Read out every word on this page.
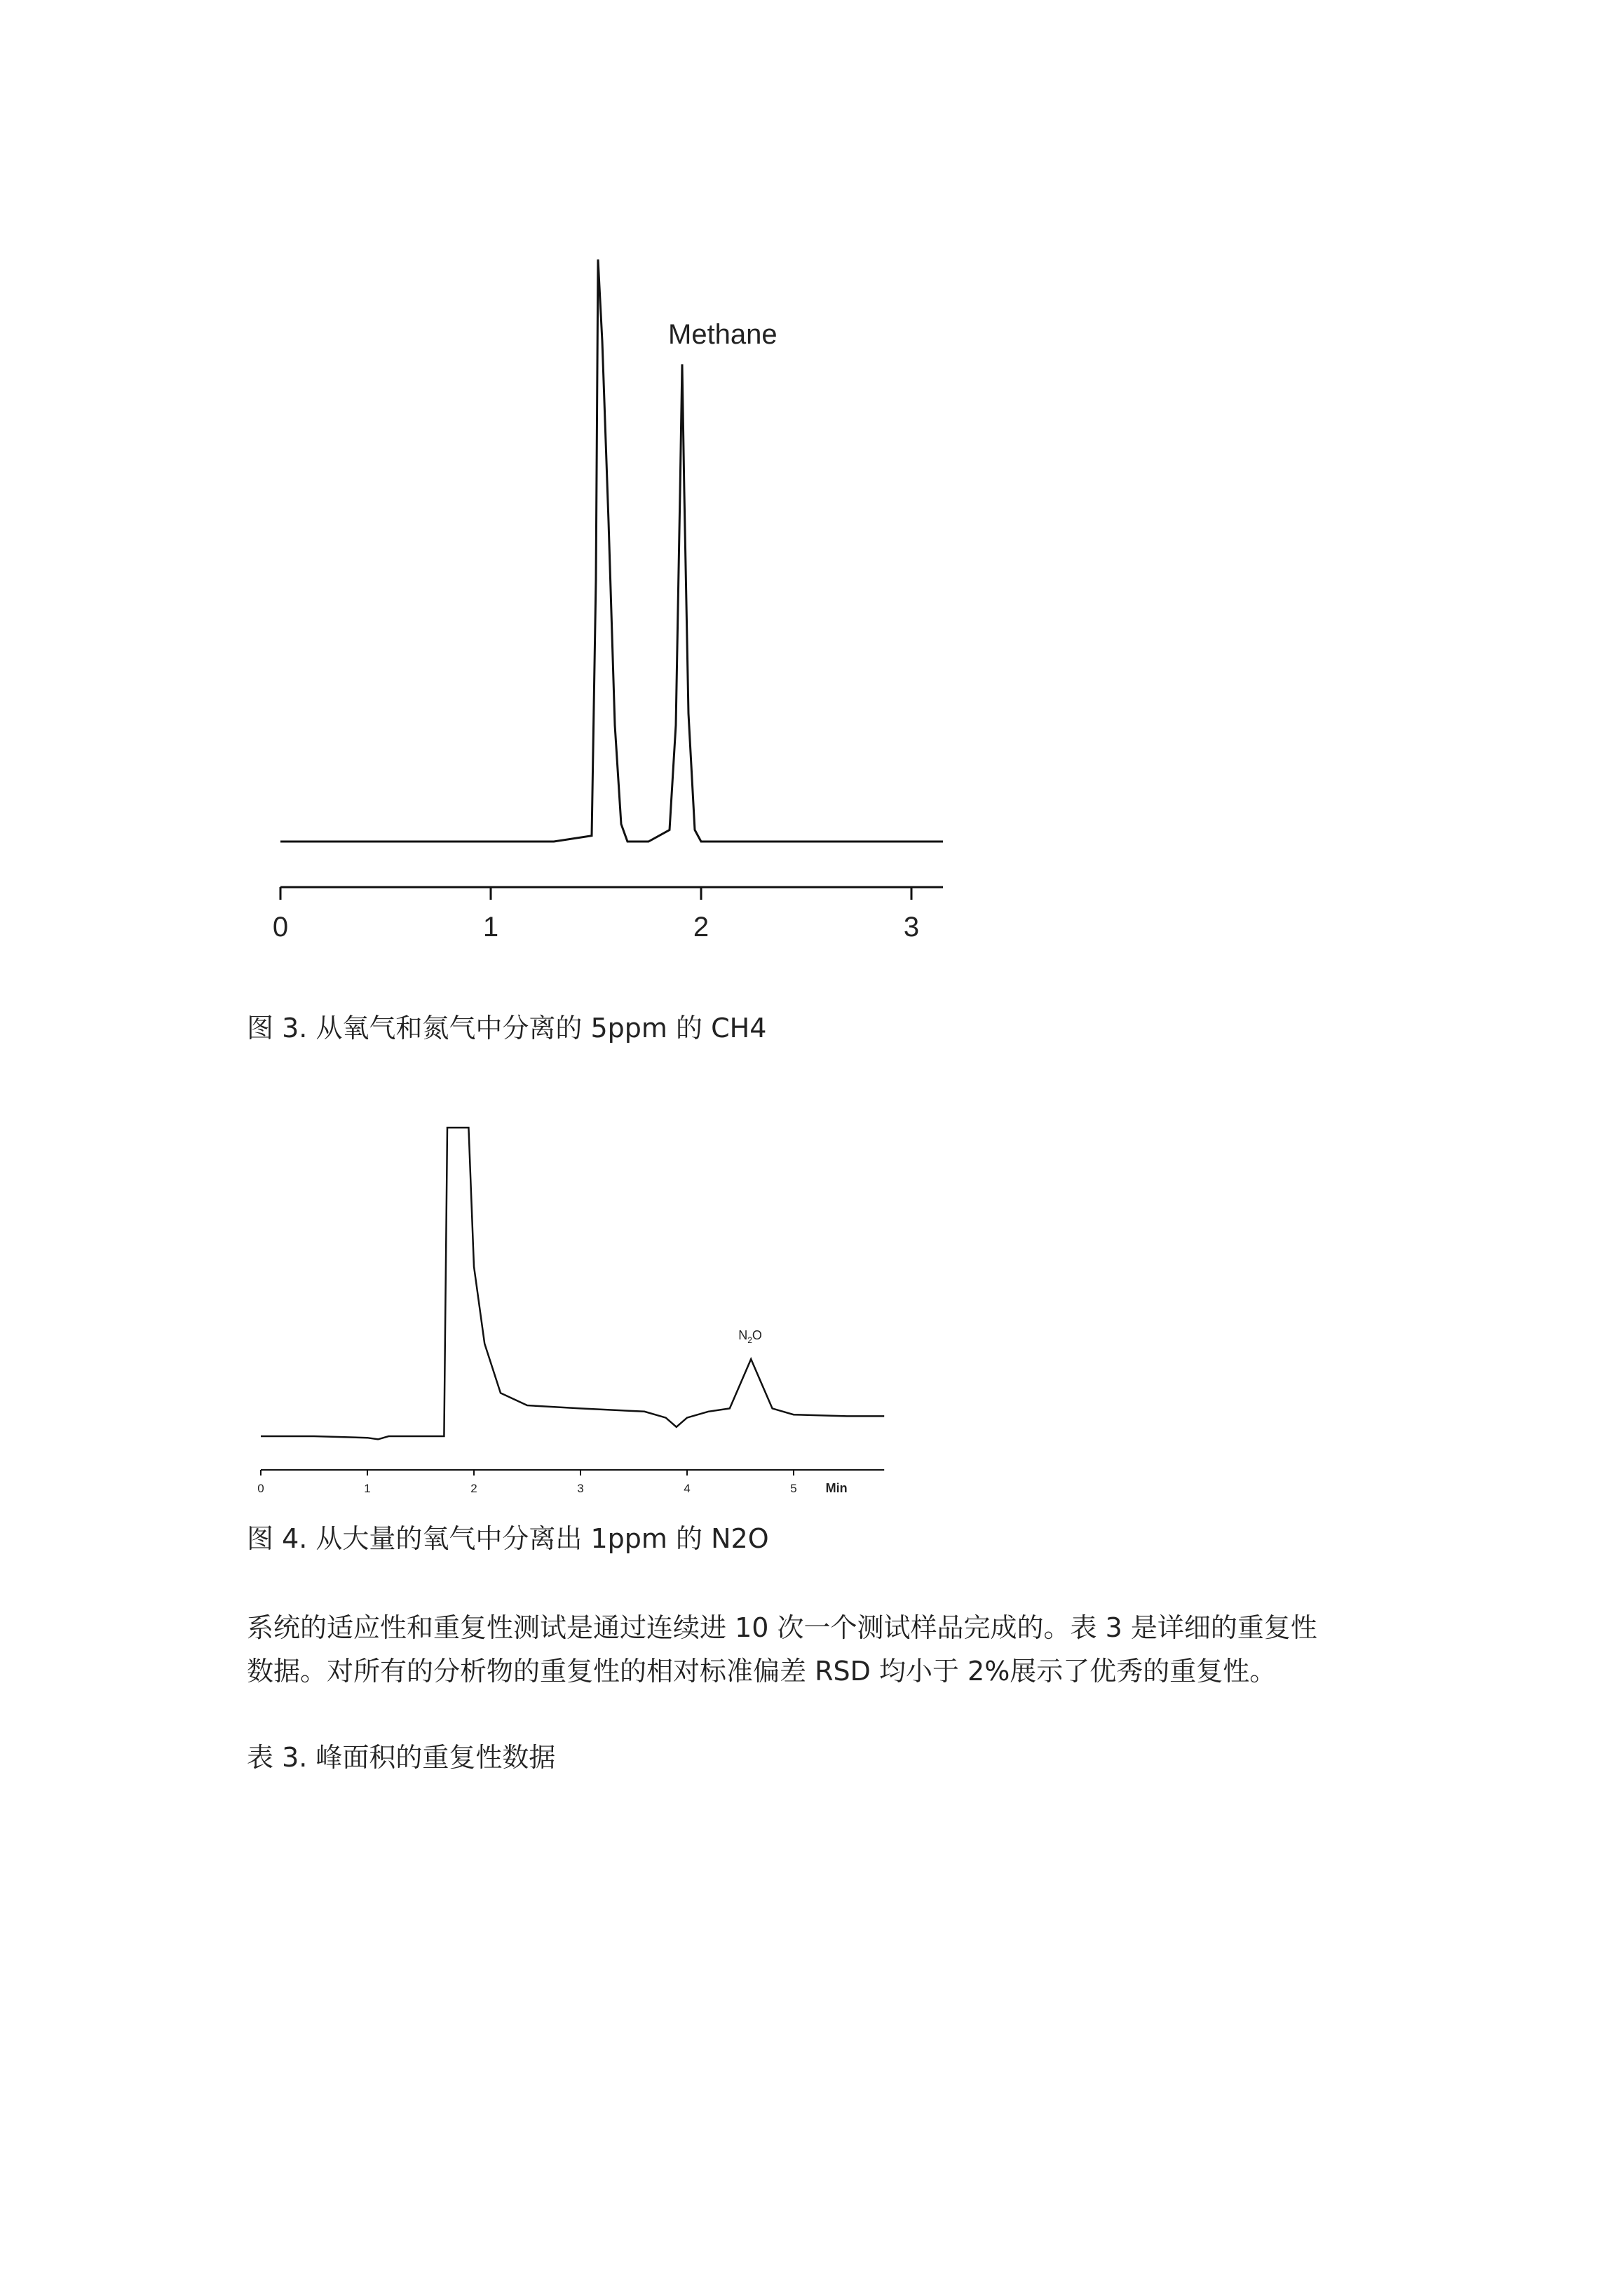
0	1	2	3
Methane
图 3. 从氧气和氮气中分离的 5ppm 的 CH4
0	1	2	3	4	5
$N_2O$
Min
图 4. 从大量的氧气中分离出 1ppm 的 N2O

系统的适应性和重复性测试是通过连续进 10 次一个测试样品完成的。表 3 是详细的重复性

数据。对所有的分析物的重复性的相对标准偏差 RSD 均小于 2%展示了优秀的重复性。

表 3. 峰面积的重复性数据
